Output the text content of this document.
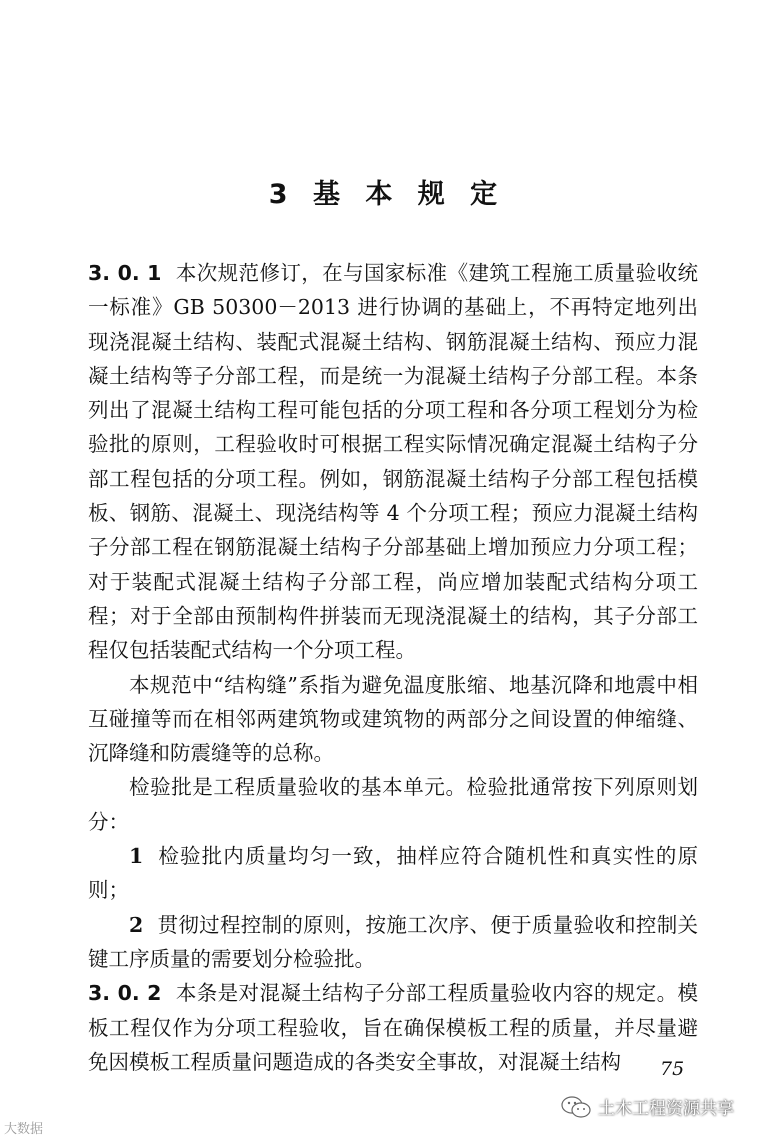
3 基 本 规 定

3. 0. 1 本次规范修订，在与国家标准《建筑工程施工质量验收统一标准》GB 50300－2013 进行协调的基础上，不再特定地列出现浇混凝土结构、装配式混凝土结构、钢筋混凝土结构、预应力混凝土结构等子分部工程，而是统一为混凝土结构子分部工程。本条列出了混凝土结构工程可能包括的分项工程和各分项工程划分为检验批的原则，工程验收时可根据工程实际情况确定混凝土结构子分部工程包括的分项工程。例如，钢筋混凝土结构子分部工程包括模板、钢筋、混凝土、现浇结构等 4 个分项工程；预应力混凝土结构子分部工程在钢筋混凝土结构子分部基础上增加预应力分项工程；对于装配式混凝土结构子分部工程，尚应增加装配式结构分项工程；对于全部由预制构件拼装而无现浇混凝土的结构，其子分部工程仅包括装配式结构一个分项工程。

本规范中“结构缝”系指为避免温度胀缩、地基沉降和地震中相互碰撞等而在相邻两建筑物或建筑物的两部分之间设置的伸缩缝、沉降缝和防震缝等的总称。

检验批是工程质量验收的基本单元。检验批通常按下列原则划分：

1 检验批内质量均匀一致，抽样应符合随机性和真实性的原则；

2 贯彻过程控制的原则，按施工次序、便于质量验收和控制关键工序质量的需要划分检验批。

3. 0. 2 本条是对混凝土结构子分部工程质量验收内容的规定。模板工程仅作为分项工程验收，旨在确保模板工程的质量，并尽量避免因模板工程质量问题造成的各类安全事故，对混凝土结构	75
大数据
土木工程资源共享
